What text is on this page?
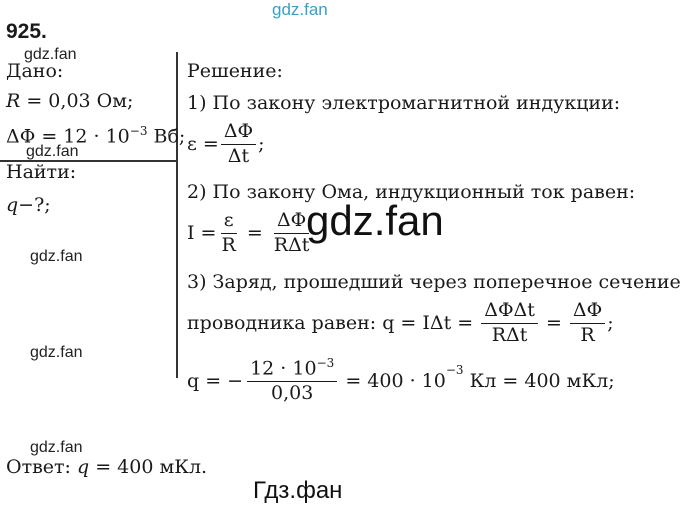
gdz.fan
925.
gdz.fan
gdz.fan
gdz.fan
gdz.fan
gdz.fan
gdz.fan
Гдз.фан
Дано:
R = 0,03 Ом;
$\Delta\Phi = 12 \cdot 10^{-3}$ Вб;
Найти:
q−?;
Решение:
1) По закону электромагнитной индукции:
$\varepsilon = \frac{\Delta\Phi}{\Delta t}$ ;
2) По закону Ома, индукционный ток равен:
$I = \frac{\varepsilon}{R} = \frac{\Delta\Phi}{\text{RΔt}}$
3) Заряд, прошедший через поперечное сечение
проводника равен: $q = I\Delta t = \frac{\text{ΔΦΔt}}{\text{RΔt}} = \frac{\Delta\Phi}{R}$ ;
q = − $\frac{12 \cdot 10^{-3}}{0,03} = 400 \cdot 10^{-3}$ Кл = 400 мКл;
Ответ: q = 400 мКл.
